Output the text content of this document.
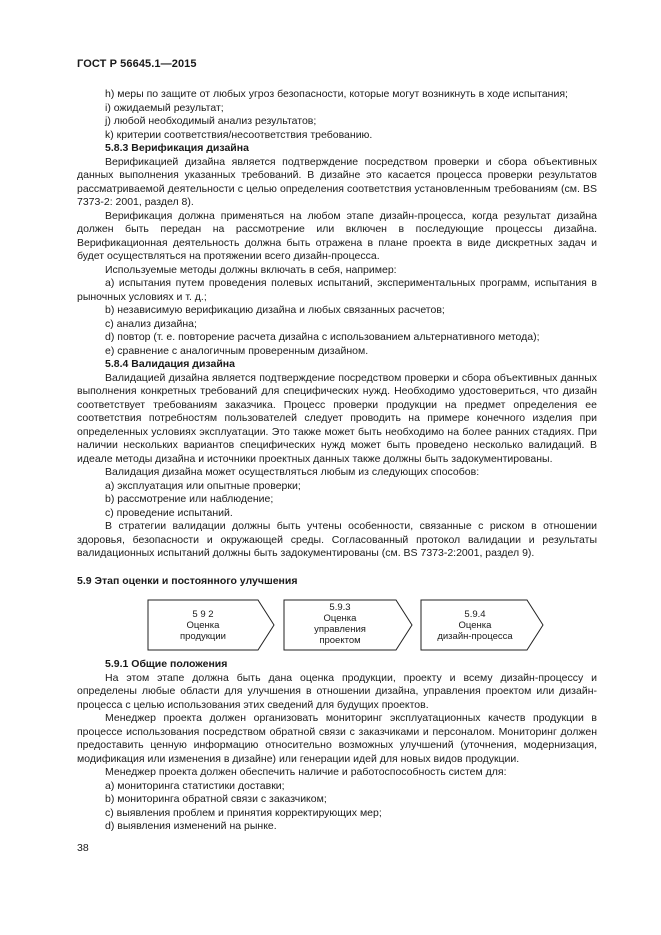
ГОСТ Р 56645.1—2015

h) меры по защите от любых угроз безопасности, которые могут возникнуть в ходе испытания;

i) ожидаемый результат;

j) любой необходимый анализ результатов;

k) критерии соответствия/несоответствия требованию.

5.8.3 Верификация дизайна

Верификацией дизайна является подтверждение посредством проверки и сбора объективных данных выполнения указанных требований. В дизайне это касается процесса проверки результатов рассматриваемой деятельности с целью определения соответствия установленным требованиям (см. BS 7373-2: 2001, раздел 8).

Верификация должна применяться на любом этапе дизайн-процесса, когда результат дизайна должен быть передан на рассмотрение или включен в последующие процессы дизайна. Верификационная деятельность должна быть отражена в плане проекта в виде дискретных задач и будет осуществляться на протяжении всего дизайн-процесса.

Используемые методы должны включать в себя, например:

a) испытания путем проведения полевых испытаний, экспериментальных программ, испытания в рыночных условиях и т. д.;

b) независимую верификацию дизайна и любых связанных расчетов;

c) анализ дизайна;

d) повтор (т. е. повторение расчета дизайна с использованием альтернативного метода);

e) сравнение с аналогичным проверенным дизайном.

5.8.4 Валидация дизайна

Валидацией дизайна является подтверждение посредством проверки и сбора объективных данных выполнения конкретных требований для специфических нужд. Необходимо удостовериться, что дизайн соответствует требованиям заказчика. Процесс проверки продукции на предмет определения ее соответствия потребностям пользователей следует проводить на примере конечного изделия при определенных условиях эксплуатации. Это также может быть необходимо на более ранних стадиях. При наличии нескольких вариантов специфических нужд может быть проведено несколько валидаций. В идеале методы дизайна и источники проектных данных также должны быть задокументированы.

Валидация дизайна может осуществляться любым из следующих способов:

a) эксплуатация или опытные проверки;

b) рассмотрение или наблюдение;

c) проведение испытаний.

В стратегии валидации должны быть учтены особенности, связанные с риском в отношении здоровья, безопасности и окружающей среды. Согласованный протокол валидации и результаты валидационных испытаний должны быть задокументированы (см. BS 7373-2:2001, раздел 9).

5.9 Этап оценки и постоянного улучшения

5 9 2
Оценка
продукции
5.9.3
Оценка
управления
проектом
5.9.4
Оценка
дизайн-процесса

5.9.1 Общие положения

На этом этапе должна быть дана оценка продукции, проекту и всему дизайн-процессу и определены любые области для улучшения в отношении дизайна, управления проектом или дизайн-процесса с целью использования этих сведений для будущих проектов.

Менеджер проекта должен организовать мониторинг эксплуатационных качеств продукции в процессе использования посредством обратной связи с заказчиками и персоналом. Мониторинг должен предоставить ценную информацию относительно возможных улучшений (уточнения, модернизация, модификация или изменения в дизайне) или генерации идей для новых видов продукции.

Менеджер проекта должен обеспечить наличие и работоспособность систем для:

a) мониторинга статистики доставки;

b) мониторинга обратной связи с заказчиком;

c) выявления проблем и принятия корректирующих мер;

d) выявления изменений на рынке.

38
